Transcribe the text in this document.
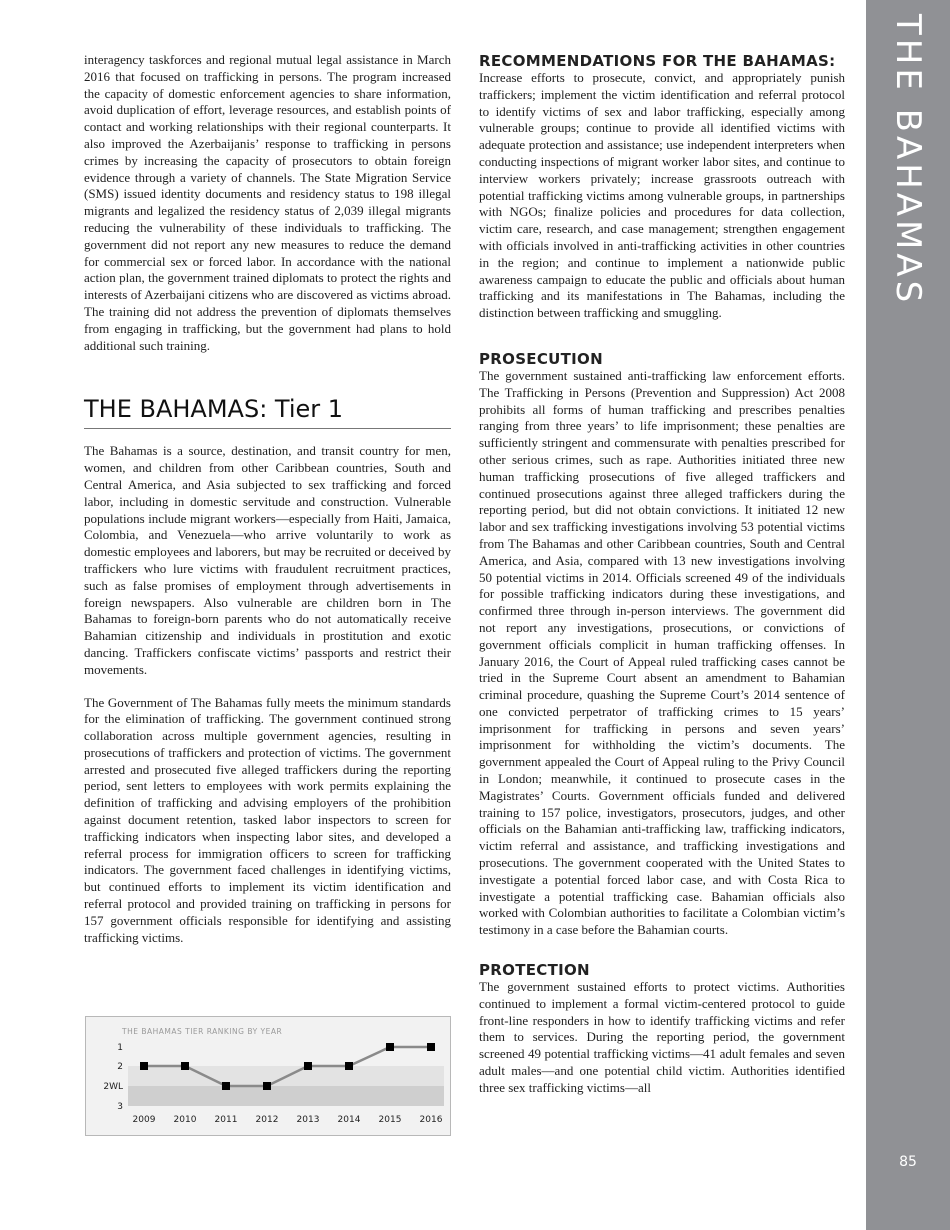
interagency taskforces and regional mutual legal assistance in March 2016 that focused on trafficking in persons. The program increased the capacity of domestic enforcement agencies to share information, avoid duplication of effort, leverage resources, and establish points of contact and working relationships with their regional counterparts. It also improved the Azerbaijanis’ response to trafficking in persons crimes by increasing the capacity of prosecutors to obtain foreign evidence through a variety of channels. The State Migration Service (SMS) issued identity documents and residency status to 198 illegal migrants and legalized the residency status of 2,039 illegal migrants reducing the vulnerability of these individuals to trafficking. The government did not report any new measures to reduce the demand for commercial sex or forced labor. In accordance with the national action plan, the government trained diplomats to protect the rights and interests of Azerbaijani citizens who are discovered as victims abroad. The training did not address the prevention of diplomats themselves from engaging in trafficking, but the government had plans to hold additional such training.

THE BAHAMAS: Tier 1

The Bahamas is a source, destination, and transit country for men, women, and children from other Caribbean countries, South and Central America, and Asia subjected to sex trafficking and forced labor, including in domestic servitude and construction. Vulnerable populations include migrant workers—especially from Haiti, Jamaica, Colombia, and Venezuela—who arrive voluntarily to work as domestic employees and laborers, but may be recruited or deceived by traffickers who lure victims with fraudulent recruitment practices, such as false promises of employment through advertisements in foreign newspapers. Also vulnerable are children born in The Bahamas to foreign-born parents who do not automatically receive Bahamian citizenship and individuals in prostitution and exotic dancing. Traffickers confiscate victims’ passports and restrict their movements.

The Government of The Bahamas fully meets the minimum standards for the elimination of trafficking. The government continued strong collaboration across multiple government agencies, resulting in prosecutions of traffickers and protection of victims. The government arrested and prosecuted five alleged traffickers during the reporting period, sent letters to employees with work permits explaining the definition of trafficking and advising employers of the prohibition against document retention, tasked labor inspectors to screen for trafficking indicators when inspecting labor sites, and developed a referral process for immigration officers to screen for trafficking indicators. The government faced challenges in identifying victims, but continued efforts to implement its victim identification and referral protocol and provided training on trafficking in persons for 157 government officials responsible for identifying and assisting trafficking victims.

RECOMMENDATIONS FOR THE BAHAMAS:

Increase efforts to prosecute, convict, and appropriately punish traffickers; implement the victim identification and referral protocol to identify victims of sex and labor trafficking, especially among vulnerable groups; continue to provide all identified victims with adequate protection and assistance; use independent interpreters when conducting inspections of migrant worker labor sites, and continue to interview workers privately; increase grassroots outreach with potential trafficking victims among vulnerable groups, in partnerships with NGOs; finalize policies and procedures for data collection, victim care, research, and case management; strengthen engagement with officials involved in anti-trafficking activities in other countries in the region; and continue to implement a nationwide public awareness campaign to educate the public and officials about human trafficking and its manifestations in The Bahamas, including the distinction between trafficking and smuggling.

PROSECUTION

The government sustained anti-trafficking law enforcement efforts. The Trafficking in Persons (Prevention and Suppression) Act 2008 prohibits all forms of human trafficking and prescribes penalties ranging from three years’ to life imprisonment; these penalties are sufficiently stringent and commensurate with penalties prescribed for other serious crimes, such as rape. Authorities initiated three new human trafficking prosecutions of five alleged traffickers and continued prosecutions against three alleged traffickers during the reporting period, but did not obtain convictions. It initiated 12 new labor and sex trafficking investigations involving 53 potential victims from The Bahamas and other Caribbean countries, South and Central America, and Asia, compared with 13 new investigations involving 50 potential victims in 2014. Officials screened 49 of the individuals for possible trafficking indicators during these investigations, and confirmed three through in-person interviews. The government did not report any investigations, prosecutions, or convictions of government officials complicit in human trafficking offenses. In January 2016, the Court of Appeal ruled trafficking cases cannot be tried in the Supreme Court absent an amendment to Bahamian criminal procedure, quashing the Supreme Court’s 2014 sentence of one convicted perpetrator of trafficking crimes to 15 years’ imprisonment for trafficking in persons and seven years’ imprisonment for withholding the victim’s documents. The government appealed the Court of Appeal ruling to the Privy Council in London; meanwhile, it continued to prosecute cases in the Magistrates’ Courts. Government officials funded and delivered training to 157 police, investigators, prosecutors, judges, and other officials on the Bahamian anti-trafficking law, trafficking indicators, victim referral and assistance, and trafficking investigations and prosecutions. The government cooperated with the United States to investigate a potential forced labor case, and with Costa Rica to investigate a potential trafficking case. Bahamian officials also worked with Colombian authorities to facilitate a Colombian victim’s testimony in a case before the Bahamian courts.

PROTECTION

The government sustained efforts to protect victims. Authorities continued to implement a formal victim-centered protocol to guide front-line responders in how to identify trafficking victims and refer them to services. During the reporting period, the government screened 49 potential trafficking victims—41 adult females and seven adult males—and one potential child victim. Authorities identified three sex trafficking victims—all

THE BAHAMAS TIER RANKING BY YEAR
1
2
2WL
3
2009 2010 2011 2012 2013 2014 2015 2016
THE BAHAMAS
85
